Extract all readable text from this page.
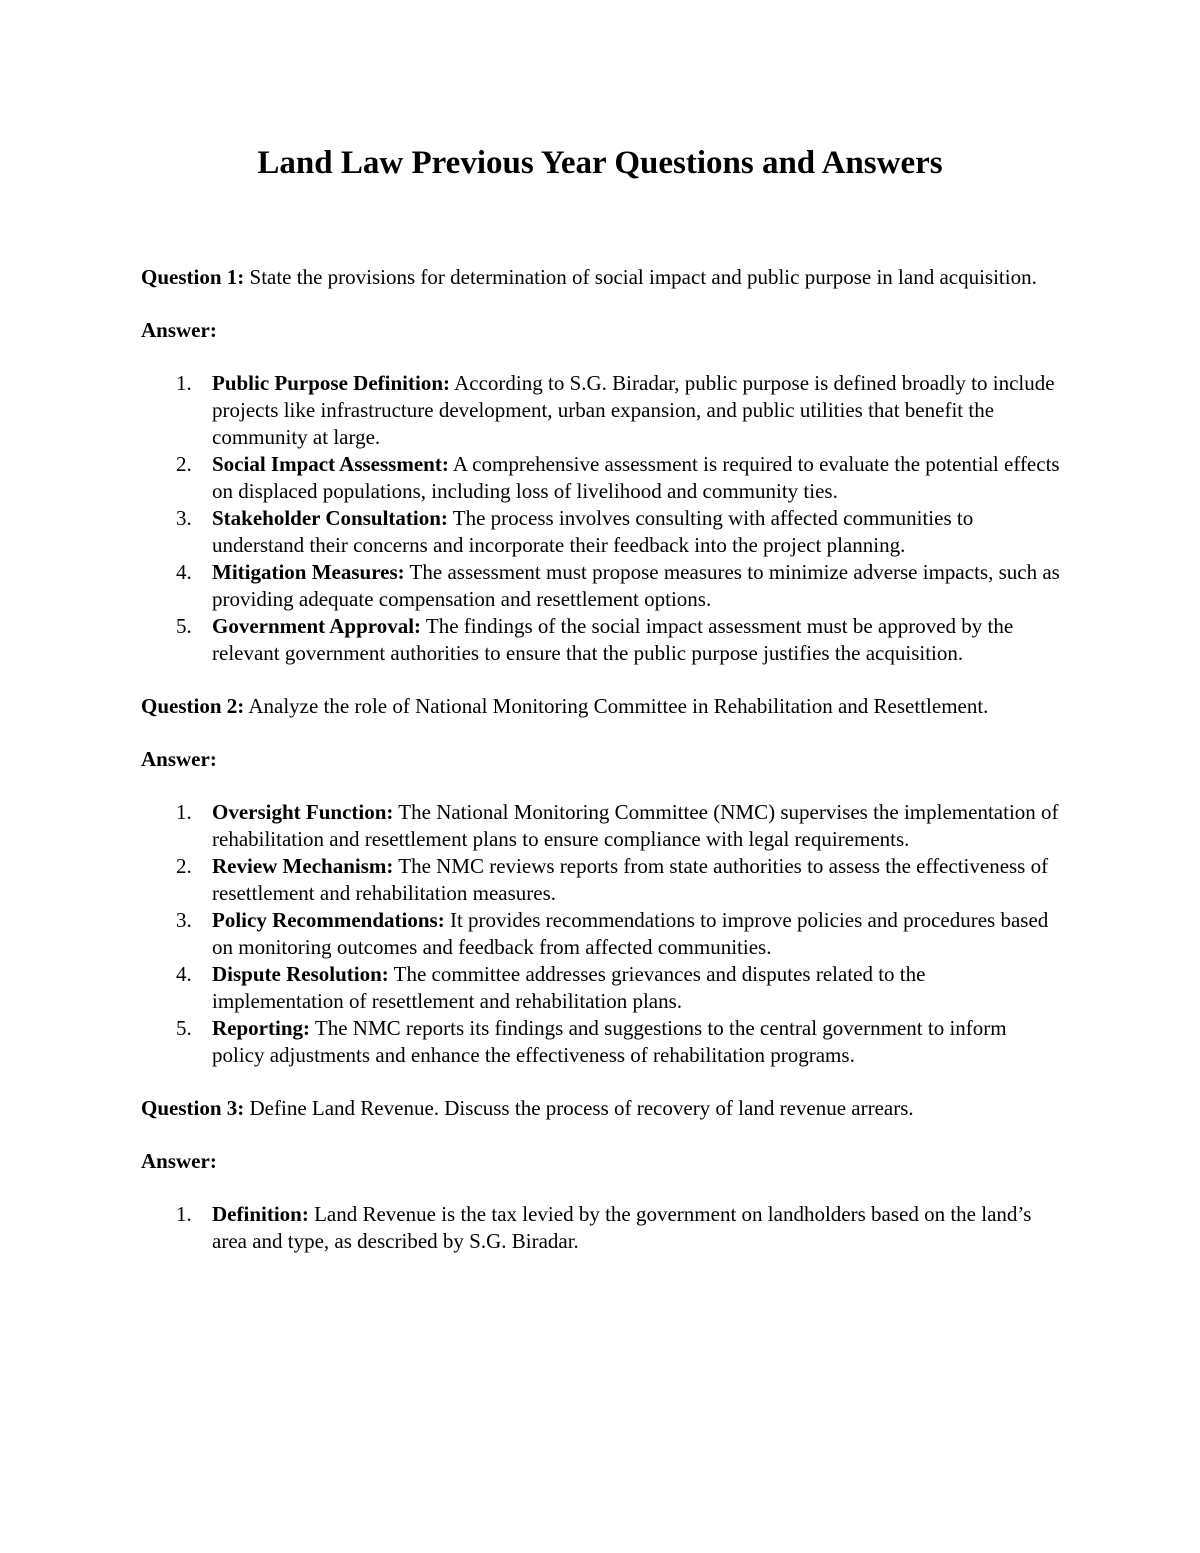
Land Law Previous Year Questions and Answers

Question 1: State the provisions for determination of social impact and public purpose in land acquisition.

Answer:

1. Public Purpose Definition: According to S.G. Biradar, public purpose is defined broadly to include projects like infrastructure development, urban expansion, and public utilities that benefit the community at large.
2. Social Impact Assessment: A comprehensive assessment is required to evaluate the potential effects on displaced populations, including loss of livelihood and community ties.
3. Stakeholder Consultation: The process involves consulting with affected communities to understand their concerns and incorporate their feedback into the project planning.
4. Mitigation Measures: The assessment must propose measures to minimize adverse impacts, such as providing adequate compensation and resettlement options.
5. Government Approval: The findings of the social impact assessment must be approved by the relevant government authorities to ensure that the public purpose justifies the acquisition.

Question 2: Analyze the role of National Monitoring Committee in Rehabilitation and Resettlement.

Answer:

1. Oversight Function: The National Monitoring Committee (NMC) supervises the implementation of rehabilitation and resettlement plans to ensure compliance with legal requirements.
2. Review Mechanism: The NMC reviews reports from state authorities to assess the effectiveness of resettlement and rehabilitation measures.
3. Policy Recommendations: It provides recommendations to improve policies and procedures based on monitoring outcomes and feedback from affected communities.
4. Dispute Resolution: The committee addresses grievances and disputes related to the implementation of resettlement and rehabilitation plans.
5. Reporting: The NMC reports its findings and suggestions to the central government to inform policy adjustments and enhance the effectiveness of rehabilitation programs.

Question 3: Define Land Revenue. Discuss the process of recovery of land revenue arrears.

Answer:

1. Definition: Land Revenue is the tax levied by the government on landholders based on the land’s area and type, as described by S.G. Biradar.
